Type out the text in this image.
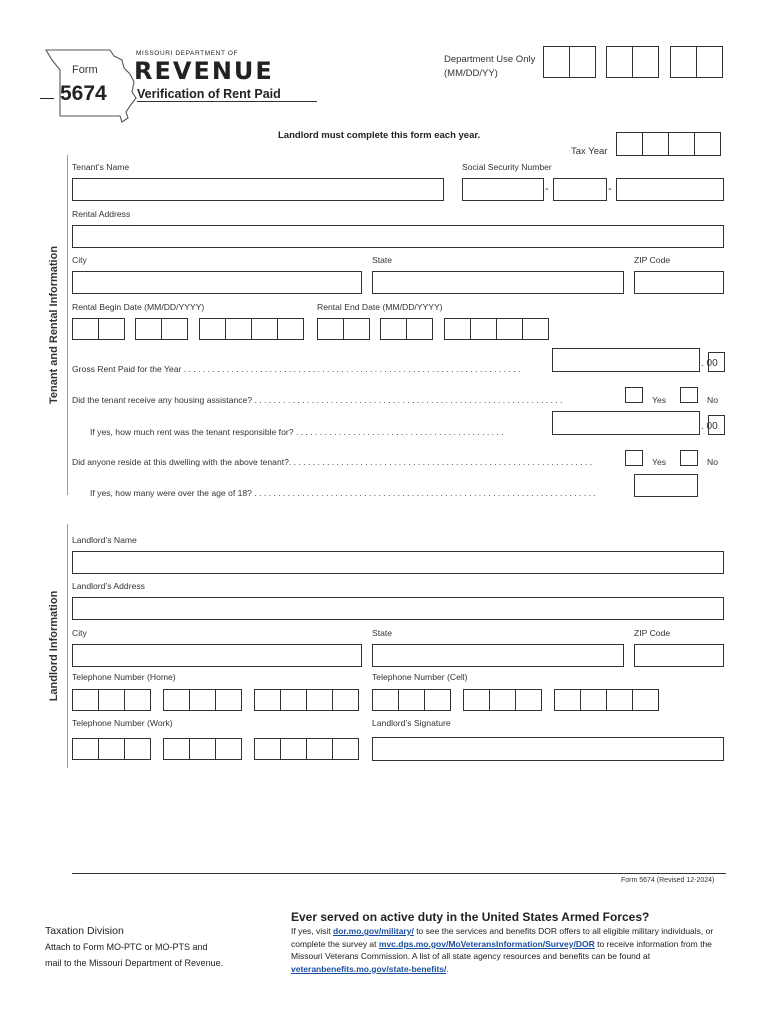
Form
5674
MISSOURI DEPARTMENT OF
REVENUE
Verification of Rent Paid
Department Use Only
(MM/DD/YY)
Landlord must complete this form each year.
Tax Year
Tenant and Rental Information
Tenant’s Name	Social Security Number
-	-
Rental Address
City	State	ZIP Code
Rental Begin Date (MM/DD/YYYY)	Rental End Date (MM/DD/YYYY)
Gross Rent Paid for the Year . . . . . . . . . . . . . . . . . . . . . . . . . . . . . . . . . . . . . . . . . . . . . . . . . . . . . . . . . . . . . . . . . . . . . . .	. 00
Did the tenant receive any housing assistance? . . . . . . . . . . . . . . . . . . . . . . . . . . . . . . . . . . . . . . . . . . . . . . . . . . . . . . . . . . . . . . . . .	Yes	No
If yes, how much rent was the tenant responsible for? . . . . . . . . . . . . . . . . . . . . . . . . . . . . . . . . . . . . . . . . . . . .	. 00
Did anyone reside at this dwelling with the above tenant?. . . . . . . . . . . . . . . . . . . . . . . . . . . . . . . . . . . . . . . . . . . . . . . . . . . . . . . . . . . . . . . .	Yes	No
If yes, how many were over the age of 18? . . . . . . . . . . . . . . . . . . . . . . . . . . . . . . . . . . . . . . . . . . . . . . . . . . . . . . . . . . . . . . . . . . . . . . . .
Landlord Information
Landlord’s Name
Landlord’s Address
City	State	ZIP Code
Telephone Number (Home)	Telephone Number (Cell)
Telephone Number (Work)	Landlord’s Signature
Form 5674 (Revised 12-2024)
Taxation Division
Attach to Form MO-PTC or MO-PTS and
mail to the Missouri Department of Revenue.
Ever served on active duty in the United States Armed Forces?
If yes, visit dor.mo.gov/military/ to see the services and benefits DOR offers to all eligible military individuals, or complete the survey at mvc.dps.mo.gov/MoVeteransInformation/Survey/DOR to receive information from the Missouri Veterans Commission. A list of all state agency resources and benefits can be found at veteranbenefits.mo.gov/state-benefits/.
